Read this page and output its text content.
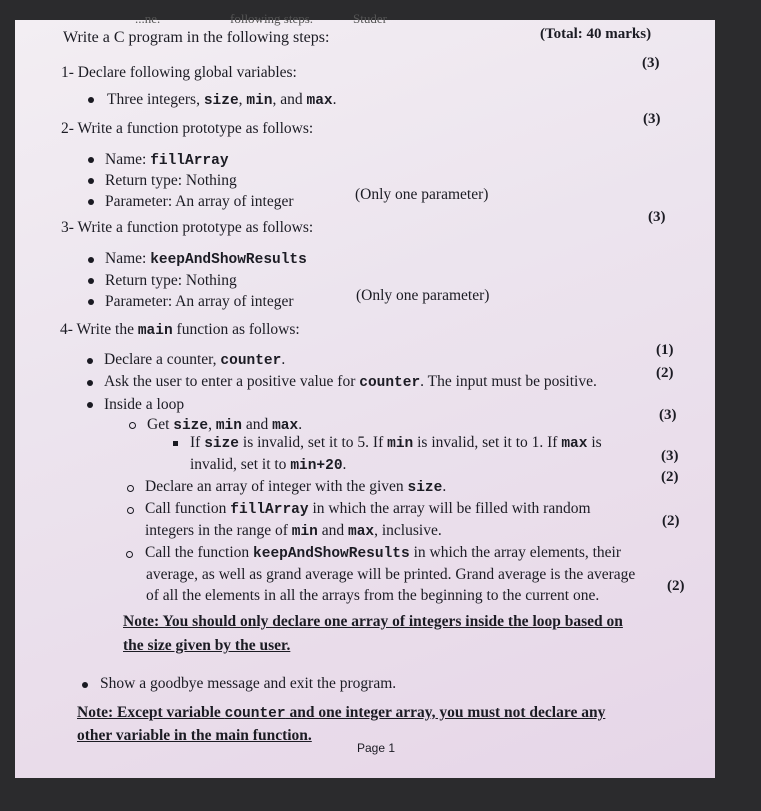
...ne.	following steps.	Studer
Write a C program in the following steps:	(Total: 40 marks)
1- Declare following global variables:
(3)
Three integers, size, min, and max.
2- Write a function prototype as follows:
(3)
Name: fillArray
Return type: Nothing
Parameter: An array of integer	(Only one parameter)
3- Write a function prototype as follows:
(3)
Name: keepAndShowResults
Return type: Nothing
Parameter: An array of integer	(Only one parameter)
4- Write the main function as follows:
Declare a counter, counter.
(1)
Ask the user to enter a positive value for counter. The input must be positive.	(2)
Inside a loop
Get size, min and max.
(3)
If size is invalid, set it to 5. If min is invalid, set it to 1. If max is
invalid, set it to min+20.	(3)
Declare an array of integer with the given size.
(2)
Call function fillArray in which the array will be filled with random
integers in the range of min and max, inclusive.
(2)
Call the function keepAndShowResults in which the array elements, their
average, as well as grand average will be printed. Grand average is the average
of all the elements in all the arrays from the beginning to the current one.
(2)
Note: You should only declare one array of integers inside the loop based on
the size given by the user.
Show a goodbye message and exit the program.
Note: Except variable counter and one integer array, you must not declare any
other variable in the main function.
Page 1
